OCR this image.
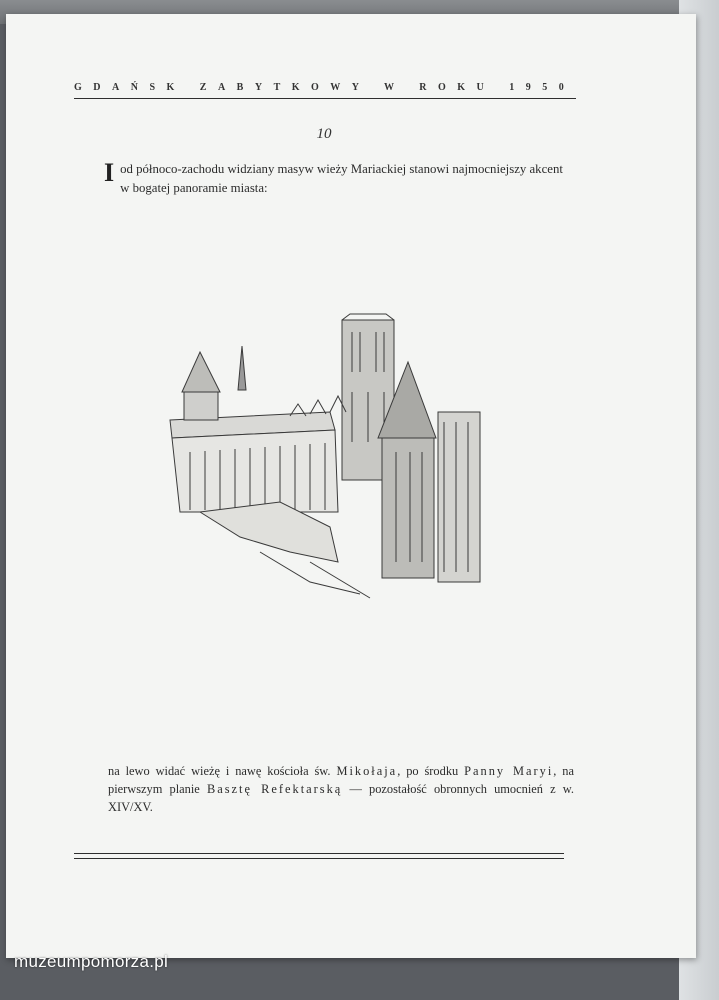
GDAŃSK ZABYTKOWY W ROKU 1950
10
I od północo-zachodu widziany masyw wieży Mariackiej stanowi najmocniejszy akcent w bogatej panoramie miasta:
na lewo widać wieżę i nawę kościoła św. Mikołaja, po środku Panny Maryi, na pierwszym planie Basztę Refektarską — pozostałość obronnych umocnień z w. XIV/XV.
muzeumpomorza.pl
